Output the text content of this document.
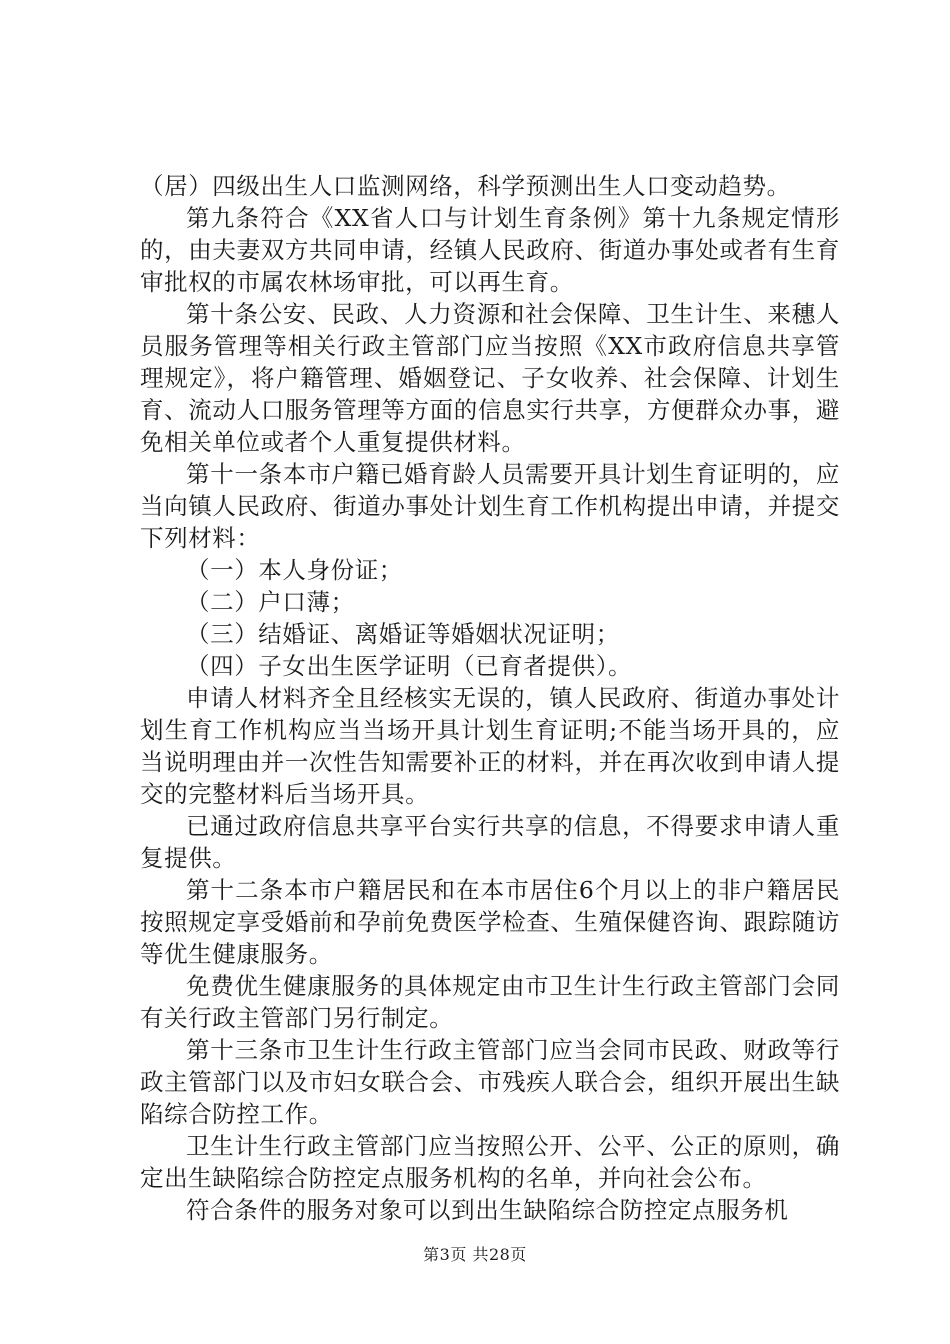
（居）四级出生人口监测网络，科学预测出生人口变动趋势。

第九条符合《XX省人口与计划生育条例》第十九条规定情形的，由夫妻双方共同申请，经镇人民政府、街道办事处或者有生育审批权的市属农林场审批，可以再生育。

第十条公安、民政、人力资源和社会保障、卫生计生、来穗人员服务管理等相关行政主管部门应当按照《XX市政府信息共享管理规定》，将户籍管理、婚姻登记、子女收养、社会保障、计划生育、流动人口服务管理等方面的信息实行共享，方便群众办事，避免相关单位或者个人重复提供材料。

第十一条本市户籍已婚育龄人员需要开具计划生育证明的，应当向镇人民政府、街道办事处计划生育工作机构提出申请，并提交下列材料：

（一）本人身份证；

（二）户口薄；

（三）结婚证、离婚证等婚姻状况证明；

（四）子女出生医学证明（已育者提供）。

申请人材料齐全且经核实无误的，镇人民政府、街道办事处计划生育工作机构应当当场开具计划生育证明;不能当场开具的，应当说明理由并一次性告知需要补正的材料，并在再次收到申请人提交的完整材料后当场开具。

已通过政府信息共享平台实行共享的信息，不得要求申请人重复提供。

第十二条本市户籍居民和在本市居住6个月以上的非户籍居民按照规定享受婚前和孕前免费医学检查、生殖保健咨询、跟踪随访等优生健康服务。

免费优生健康服务的具体规定由市卫生计生行政主管部门会同有关行政主管部门另行制定。

第十三条市卫生计生行政主管部门应当会同市民政、财政等行政主管部门以及市妇女联合会、市残疾人联合会，组织开展出生缺陷综合防控工作。

卫生计生行政主管部门应当按照公开、公平、公正的原则，确定出生缺陷综合防控定点服务机构的名单，并向社会公布。

符合条件的服务对象可以到出生缺陷综合防控定点服务机

第3页 共28页
